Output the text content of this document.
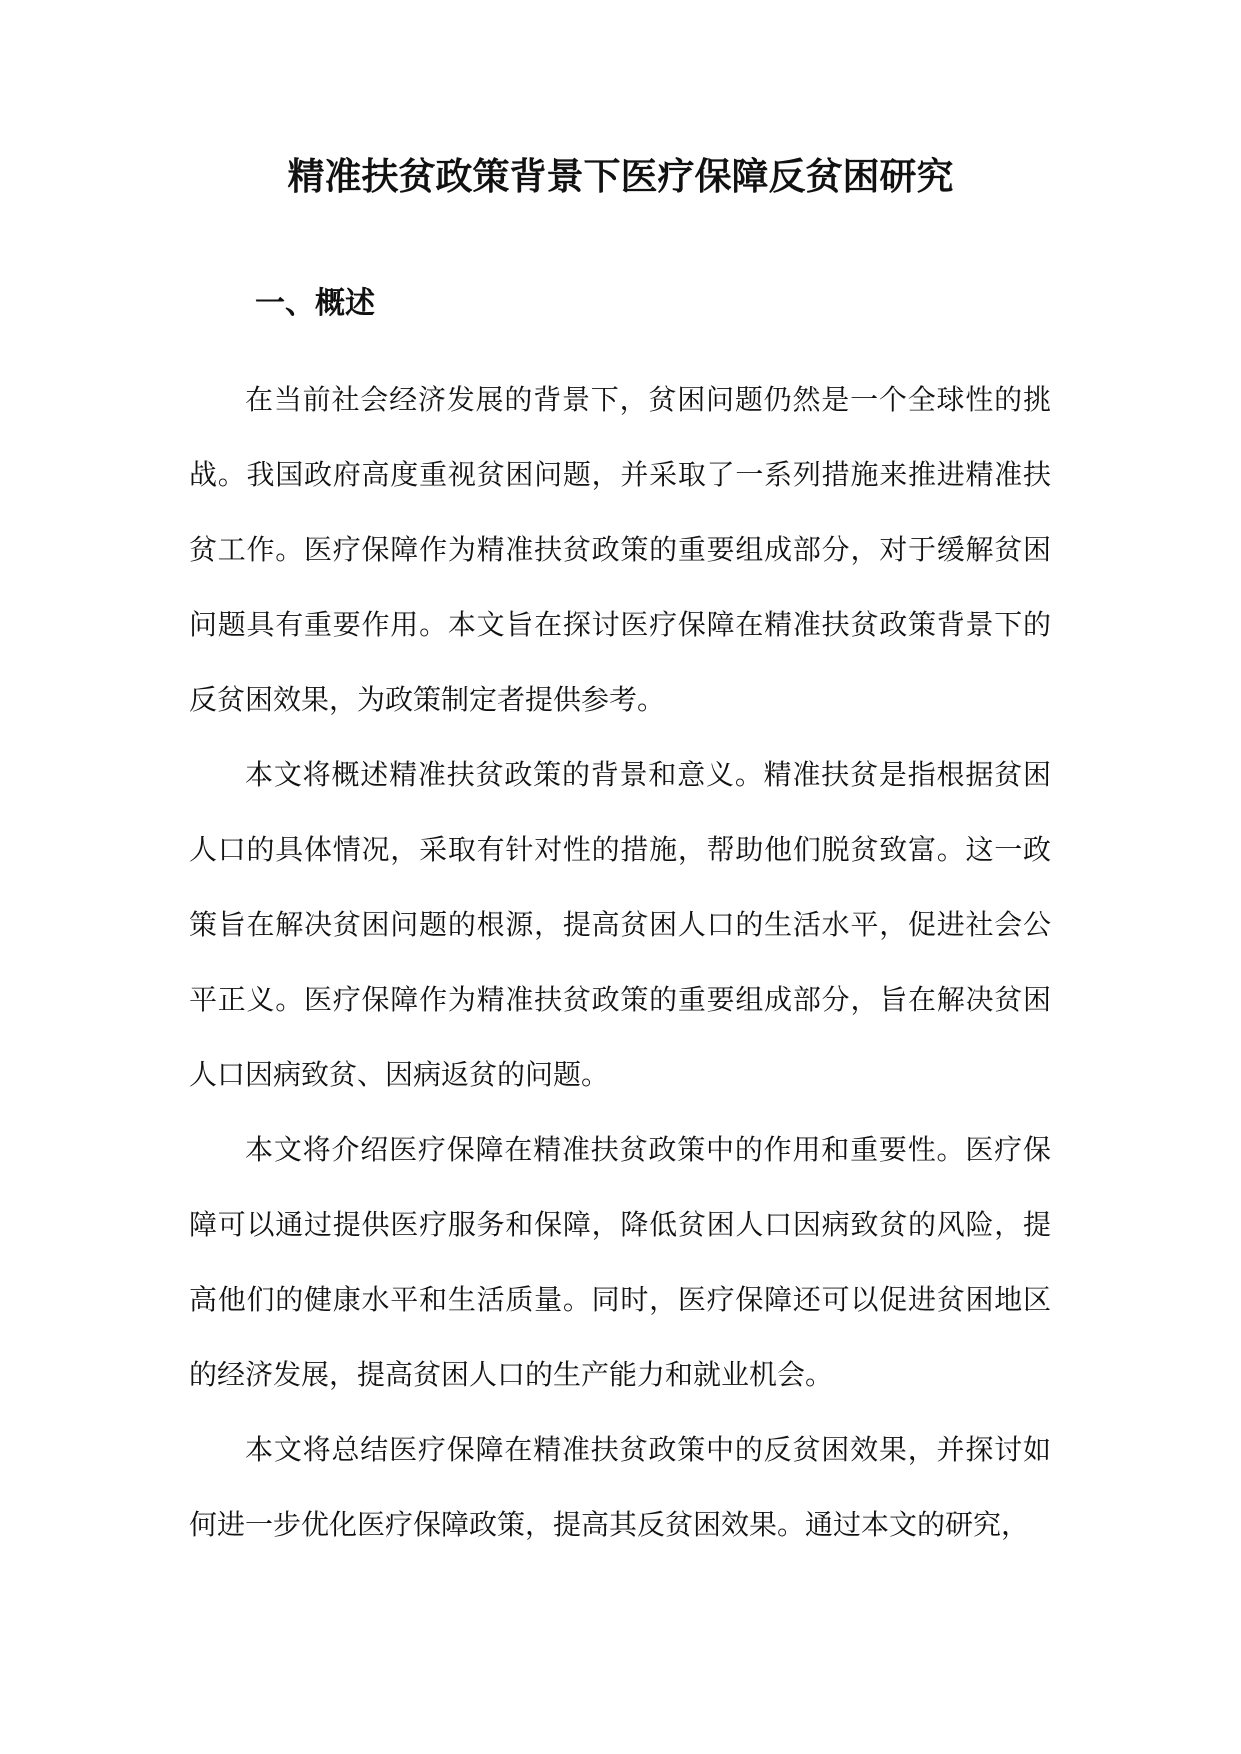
精准扶贫政策背景下医疗保障反贫困研究
一、概述

在当前社会经济发展的背景下，贫困问题仍然是一个全球性的挑战。我国政府高度重视贫困问题，并采取了一系列措施来推进精准扶贫工作。医疗保障作为精准扶贫政策的重要组成部分，对于缓解贫困问题具有重要作用。本文旨在探讨医疗保障在精准扶贫政策背景下的反贫困效果，为政策制定者提供参考。

本文将概述精准扶贫政策的背景和意义。精准扶贫是指根据贫困人口的具体情况，采取有针对性的措施，帮助他们脱贫致富。这一政策旨在解决贫困问题的根源，提高贫困人口的生活水平，促进社会公平正义。医疗保障作为精准扶贫政策的重要组成部分，旨在解决贫困人口因病致贫、因病返贫的问题。

本文将介绍医疗保障在精准扶贫政策中的作用和重要性。医疗保障可以通过提供医疗服务和保障，降低贫困人口因病致贫的风险，提高他们的健康水平和生活质量。同时，医疗保障还可以促进贫困地区的经济发展，提高贫困人口的生产能力和就业机会。

本文将总结医疗保障在精准扶贫政策中的反贫困效果，并探讨如何进一步优化医疗保障政策，提高其反贫困效果。通过本文的研究，
